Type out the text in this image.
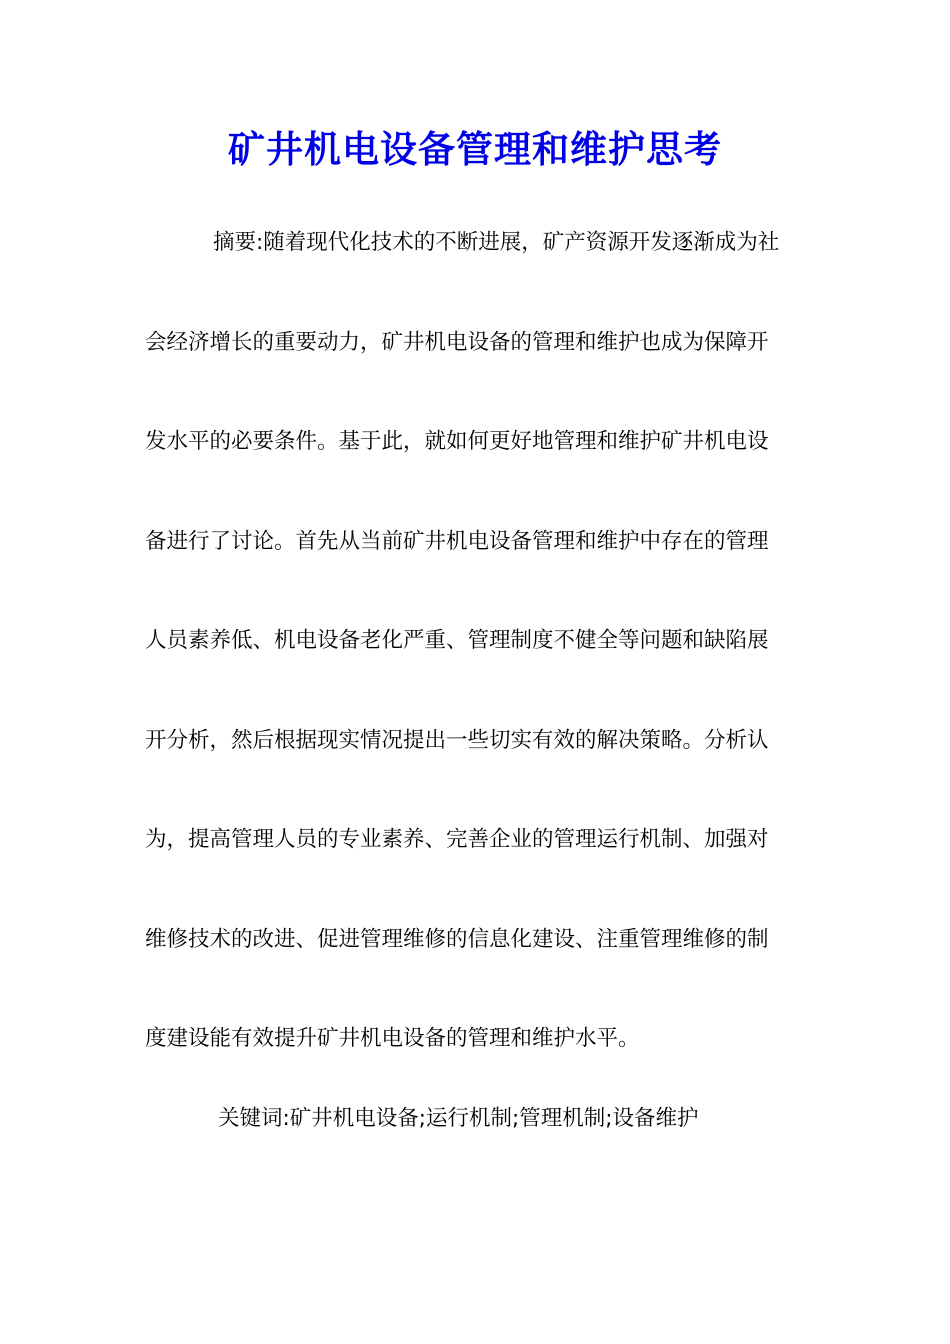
矿井机电设备管理和维护思考
摘要:随着现代化技术的不断进展，矿产资源开发逐渐成为社
会经济增长的重要动力，矿井机电设备的管理和维护也成为保障开
发水平的必要条件。基于此，就如何更好地管理和维护矿井机电设
备进行了讨论。首先从当前矿井机电设备管理和维护中存在的管理
人员素养低、机电设备老化严重、管理制度不健全等问题和缺陷展
开分析，然后根据现实情况提出一些切实有效的解决策略。分析认
为，提高管理人员的专业素养、完善企业的管理运行机制、加强对
维修技术的改进、促进管理维修的信息化建设、注重管理维修的制
度建设能有效提升矿井机电设备的管理和维护水平。
关键词:矿井机电设备;运行机制;管理机制;设备维护
